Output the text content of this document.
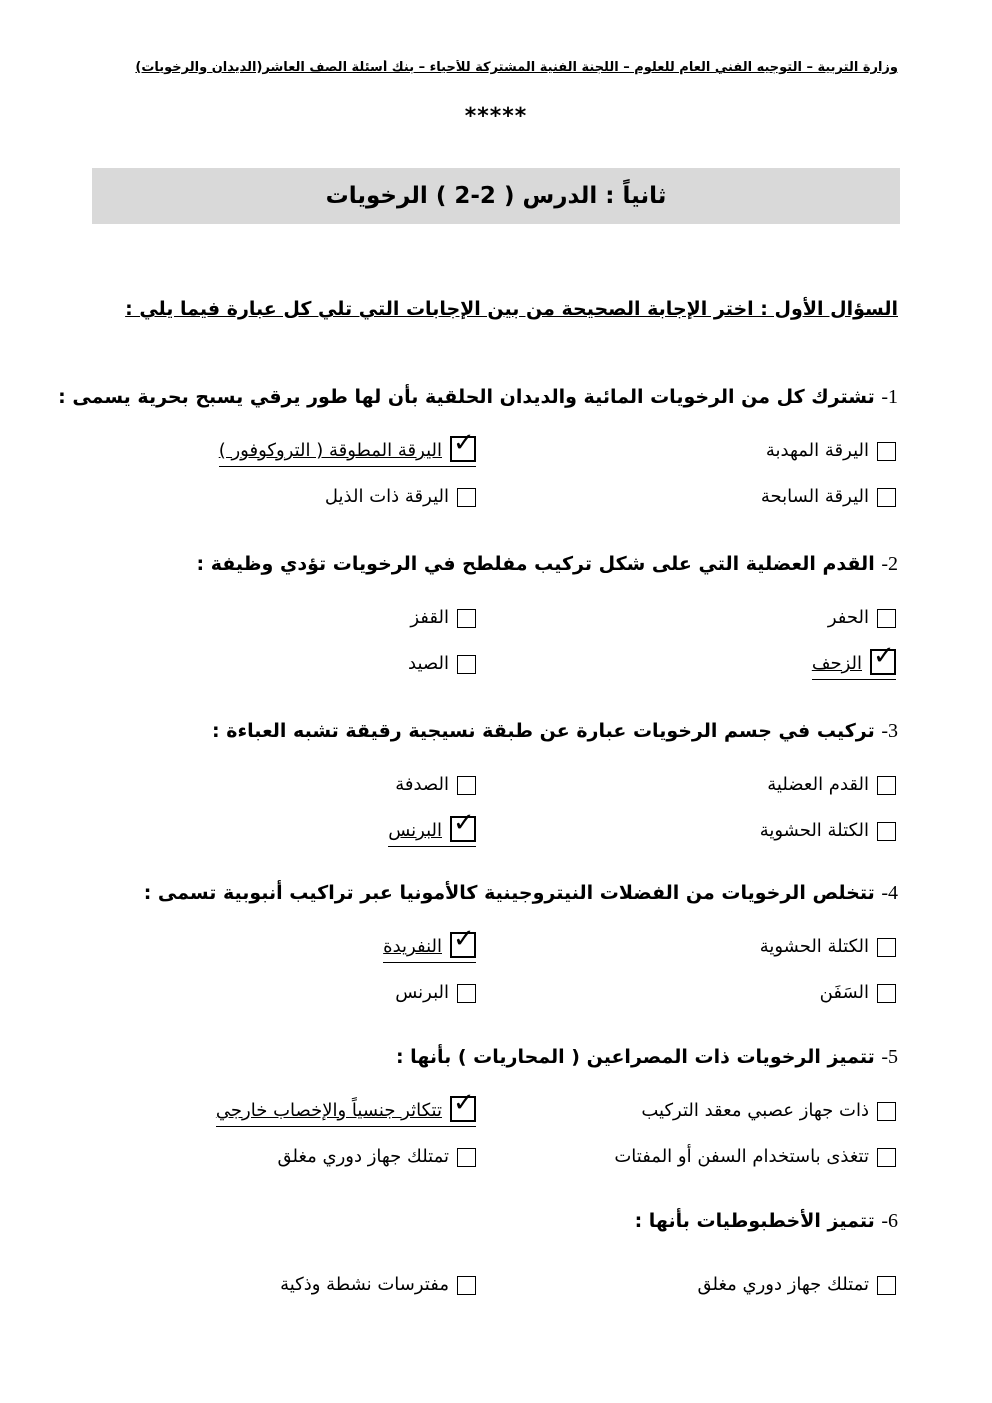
وزارة التربية – التوجيه الفني العام للعلوم – اللجنة الفنية المشتركة للأحياء – بنك أسئلة الصف العاشر(الديدان والرخويات)
*****
ثانياً : الدرس ( 2-2 ) الرخويات
السؤال الأول : اختر الإجابة الصحيحة من بين الإجابات التي تلي كل عبارة فيما يلي :
1- تشترك كل من الرخويات المائية والديدان الحلقية بأن لها طور يرقي يسبح بحرية يسمى :
اليرقة المهدبة
✓
اليرقة المطوقة ( التروكوفور )
اليرقة السابحة
اليرقة ذات الذيل
2- القدم العضلية التي على شكل تركيب مفلطح في الرخويات تؤدي وظيفة :
الحفر
القفز
✓
الزحف
الصيد
3- تركيب في جسم الرخويات عبارة عن طبقة نسيجية رقيقة تشبه العباءة :
القدم العضلية
الصدفة
الكتلة الحشوية
✓
البرنس
4- تتخلص الرخويات من الفضلات النيتروجينية كالأمونيا عبر تراكيب أنبوبية تسمى :
الكتلة الحشوية
✓
النفريدة
السَفَن
البرنس
5- تتميز الرخويات ذات المصراعين ( المحاريات ) بأنها :
ذات جهاز عصبي معقد التركيب
✓
تتكاثر جنسياً والإخصاب خارجي
تتغذى باستخدام السفن أو المفتات
تمتلك جهاز دوري مغلق
6- تتميز الأخطبوطيات بأنها :
تمتلك جهاز دوري مغلق
مفترسات نشطة وذكية
